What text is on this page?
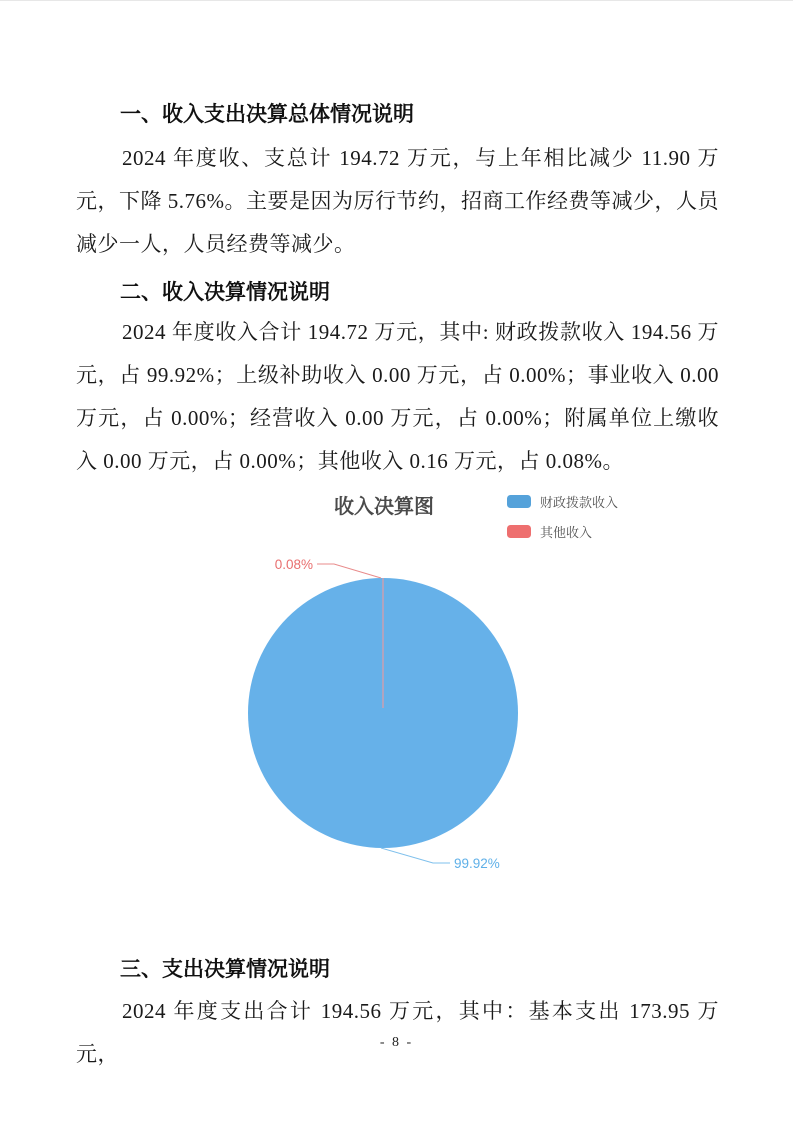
一、收入支出决算总体情况说明
2024 年度收、支总计 194.72 万元，与上年相比减少 11.90 万元，下降 5.76%。主要是因为厉行节约，招商工作经费等减少，人员减少一人，人员经费等减少。
二、收入决算情况说明
2024 年度收入合计 194.72 万元，其中: 财政拨款收入 194.56 万元，占 99.92%；上级补助收入 0.00 万元，占 0.00%；事业收入 0.00 万元，占 0.00%；经营收入 0.00 万元，占 0.00%；附属单位上缴收入 0.00 万元，占 0.00%；其他收入 0.16 万元，占 0.08%。
收入决算图	财政拨款收入
其他收入
0.08%
99.92%
三、支出决算情况说明
2024 年度支出合计 194.56 万元，其中：基本支出 173.95 万元，	- 8 -
